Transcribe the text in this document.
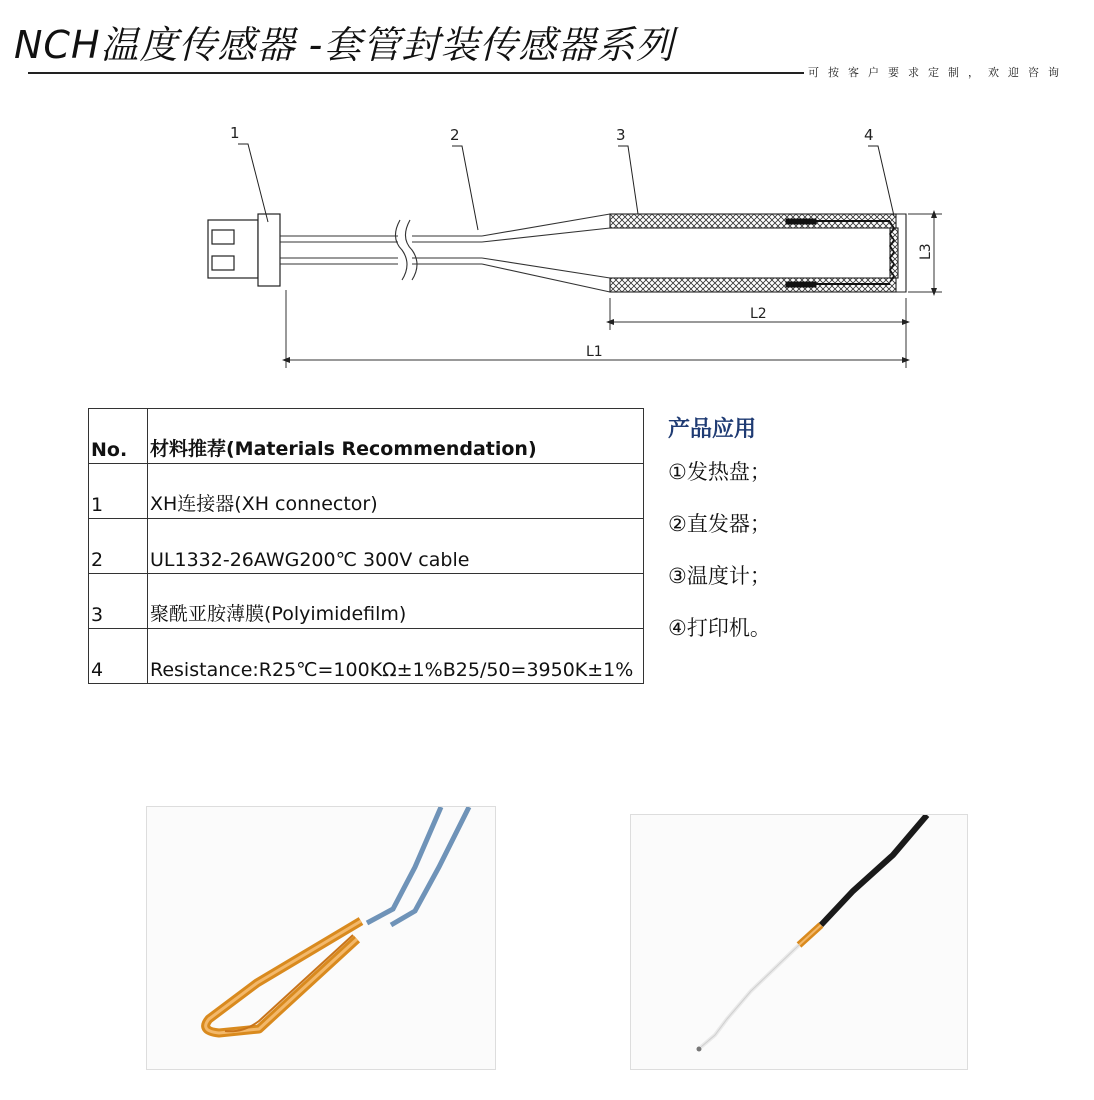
NCH温度传感器 -套管封装传感器系列
可按客户要求定制，欢迎咨询
1	2	3	4
L2
L1
L3
No.	材料推荐(Materials Recommendation)
1	XH连接器(XH connector)
2	UL1332-26AWG200℃ 300V cable
3	聚酰亚胺薄膜(Polyimidefilm)
4	Resistance:R25℃=100KΩ±1%B25/50=3950K±1%
产品应用
①发热盘；
②直发器；
③温度计；
④打印机。
